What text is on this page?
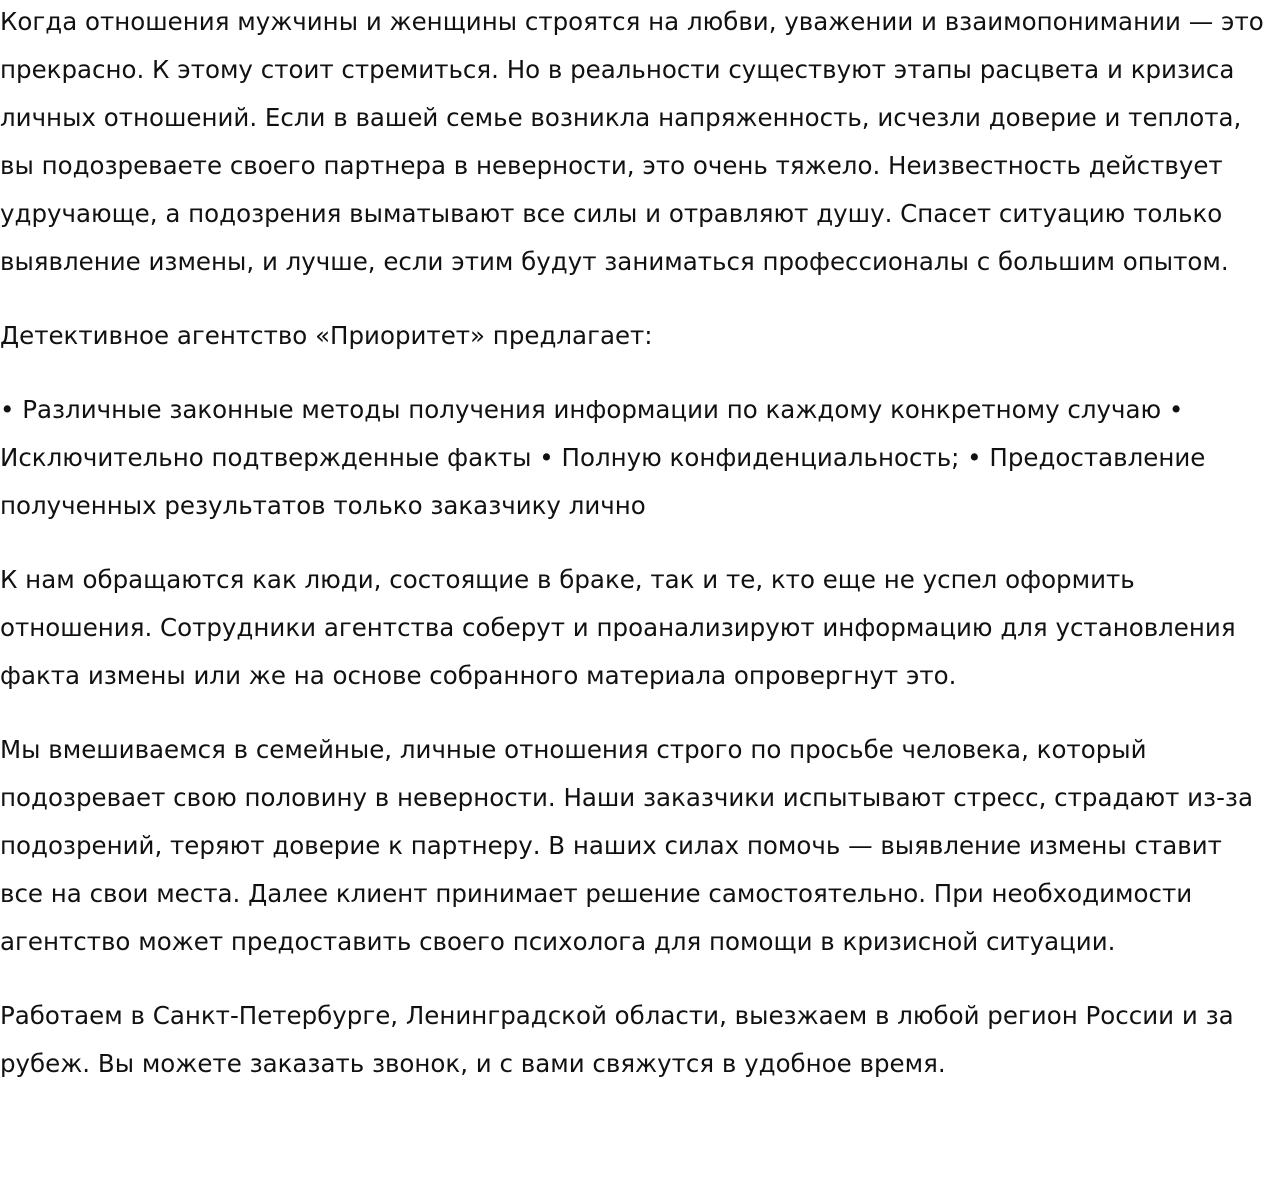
Когда отношения мужчины и женщины строятся на любви, уважении и взаимопонимании — это прекрасно. К этому стоит стремиться. Но в реальности существуют этапы расцвета и кризиса личных отношений. Если в вашей семье возникла напряженность, исчезли доверие и теплота, вы подозреваете своего партнера в неверности, это очень тяжело. Неизвестность действует удручающе, а подозрения выматывают все силы и отравляют душу. Спасет ситуацию только выявление измены, и лучше, если этим будут заниматься профессионалы с большим опытом.

Детективное агентство «Приоритет» предлагает:

• Различные законные методы получения информации по каждому конкретному случаю • Исключительно подтвержденные факты • Полную конфиденциальность; • Предоставление полученных результатов только заказчику лично

К нам обращаются как люди, состоящие в браке, так и те, кто еще не успел оформить отношения. Сотрудники агентства соберут и проанализируют информацию для установления факта измены или же на основе собранного материала опровергнут это.

Мы вмешиваемся в семейные, личные отношения строго по просьбе человека, который подозревает свою половину в неверности. Наши заказчики испытывают стресс, страдают из-за подозрений, теряют доверие к партнеру. В наших силах помочь — выявление измены ставит все на свои места. Далее клиент принимает решение самостоятельно. При необходимости агентство может предоставить своего психолога для помощи в кризисной ситуации.

Работаем в Санкт-Петербурге, Ленинградской области, выезжаем в любой регион России и за рубеж. Вы можете заказать звонок, и с вами свяжутся в удобное время.
